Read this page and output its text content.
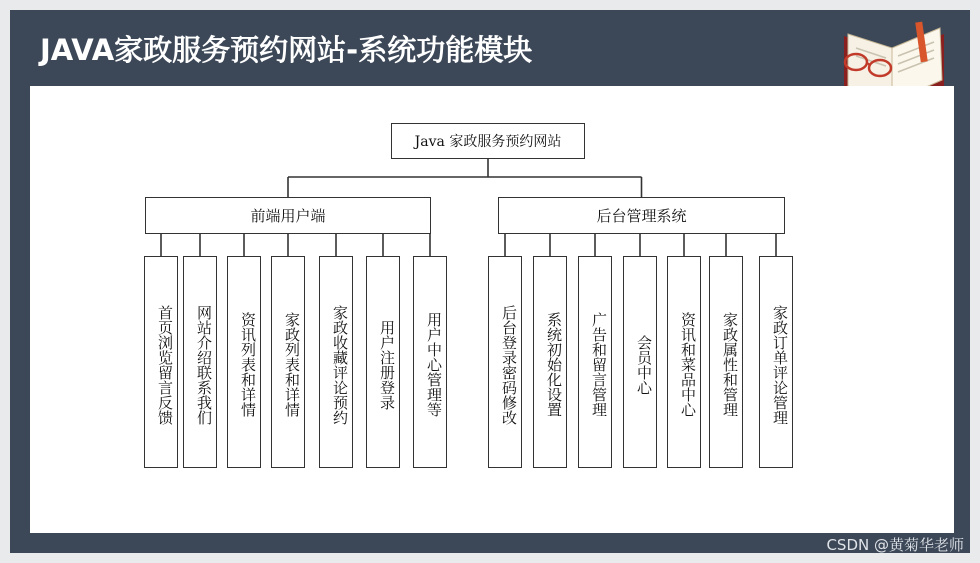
JAVA家政服务预约网站-系统功能模块
Java 家政服务预约网站
前端用户端	后台管理系统
首页浏览留言反馈	网站介绍联系我们	资讯列表和详情	家政列表和详情	家政收藏评论预约	用户注册登录	用户中心管理等	后台登录密码修改	系统初始化设置	广告和留言管理	会员中心	资讯和菜品中心	家政属性和管理	家政订单评论管理
CSDN @黄菊华老师
